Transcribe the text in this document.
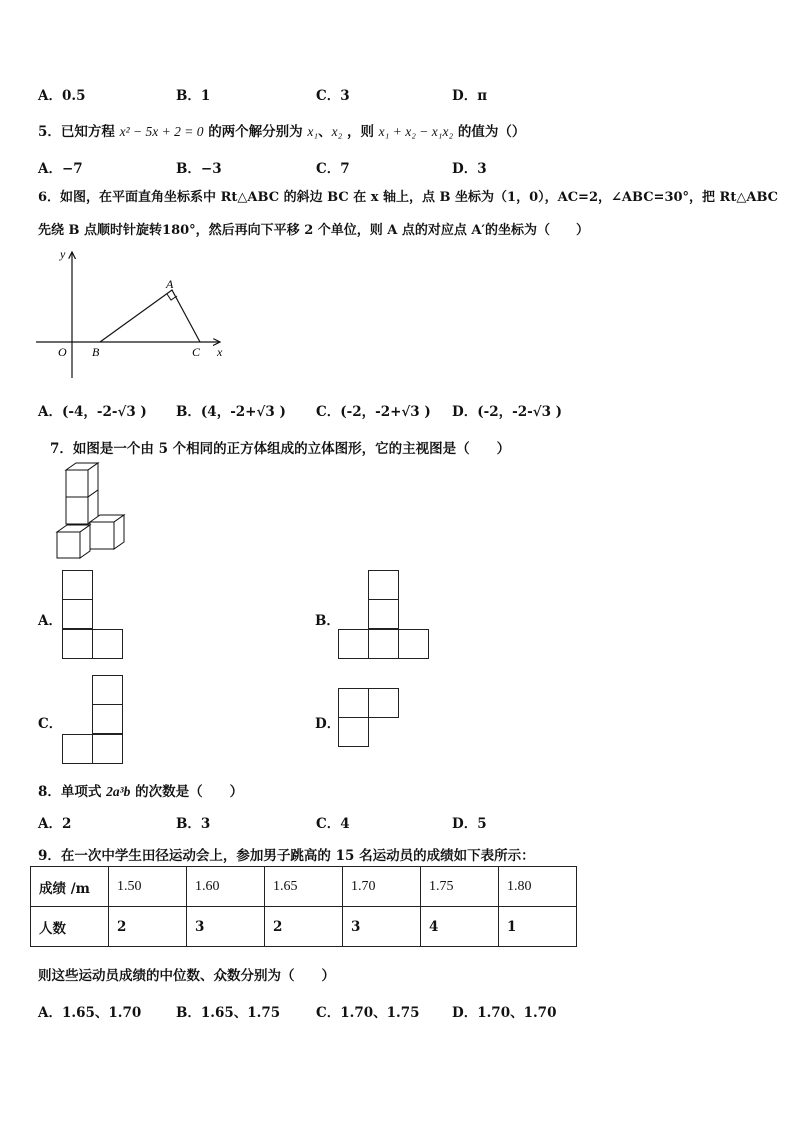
A．0.5	B．1	C．3	D．π
5．已知方程 x² − 5x + 2 = 0 的两个解分别为 x₁、x₂ ，则 x₁ + x₂ − x₁x₂ 的值为（）
A．−7	B．−3	C．7	D．3
6．如图，在平面直角坐标系中 Rt△ABC 的斜边 BC 在 x 轴上，点 B 坐标为（1，0），AC=2，∠ABC=30°，把 Rt△ABC
先绕 B 点顺时针旋转180°，然后再向下平移 2 个单位，则 A 点的对应点 A′的坐标为（　　）
y
x
O B	C
A
A．(-4，-2-√3 ) B．(4，-2+√3 ) C．(-2，-2+√3 ) D．(-2，-2-√3 )
7．如图是一个由 5 个相同的正方体组成的立体图形，它的主视图是（　　）
A．	B．
C．	D．
8．单项式 2a³b 的次数是（　　）
A．2	B．3	C．4	D．5
9．在一次中学生田径运动会上，参加男子跳高的 15 名运动员的成绩如下表所示：
成绩 /m	1.50	1.60	1.65	1.70	1.75	1.80
人数	2	3	2	3	4	1
则这些运动员成绩的中位数、众数分别为（　　）
A．1.65、1.70	B．1.65、1.75	C．1.70、1.75 D．1.70、1.70
